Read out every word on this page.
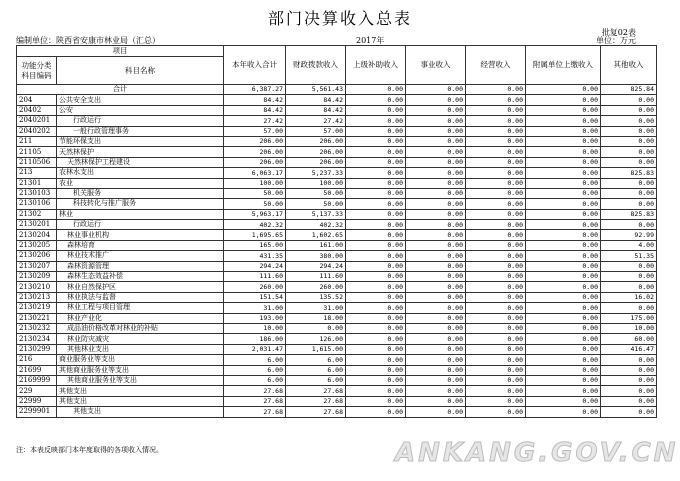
部门决算收入总表
批复02表
编制单位：陕西省安康市林业局（汇总）	2017年	单位：万元
项目		本年收入合计	财政拨款收入	上级补助收入	事业收入	经营收入	附属单位上缴收入	其他收入
功能分类
科目编码	科目名称							
合计		6,387.27	5,561.43	0.00	0.00	0.00	0.00	825.84
204	公共安全支出	84.42	84.42	0.00	0.00	0.00	0.00	0.00
20402	公安	84.42	84.42	0.00	0.00	0.00	0.00	0.00
2040201	行政运行	27.42	27.42	0.00	0.00	0.00	0.00	0.00
2040202	一般行政管理事务	57.00	57.00	0.00	0.00	0.00	0.00	0.00
211	节能环保支出	206.00	206.00	0.00	0.00	0.00	0.00	0.00
21105	天然林保护	206.00	206.00	0.00	0.00	0.00	0.00	0.00
2110506	天然林保护工程建设	206.00	206.00	0.00	0.00	0.00	0.00	0.00
213	农林水支出	6,063.17	5,237.33	0.00	0.00	0.00	0.00	825.83
21301	农业	100.00	100.00	0.00	0.00	0.00	0.00	0.00
2130103	机关服务	50.00	50.00	0.00	0.00	0.00	0.00	0.00
2130106	科技转化与推广服务	50.00	50.00	0.00	0.00	0.00	0.00	0.00
21302	林业	5,963.17	5,137.33	0.00	0.00	0.00	0.00	825.83
2130201	行政运行	402.32	402.32	0.00	0.00	0.00	0.00	0.00
2130204	林业事业机构	1,695.65	1,602.65	0.00	0.00	0.00	0.00	92.99
2130205	森林培育	165.00	161.00	0.00	0.00	0.00	0.00	4.00
2130206	林业技术推广	431.35	380.00	0.00	0.00	0.00	0.00	51.35
2130207	森林资源管理	294.24	294.24	0.00	0.00	0.00	0.00	0.00
2130209	森林生态效益补偿	111.60	111.60	0.00	0.00	0.00	0.00	0.00
2130210	林业自然保护区	260.00	260.00	0.00	0.00	0.00	0.00	0.00
2130213	林业执法与监督	151.54	135.52	0.00	0.00	0.00	0.00	16.02
2130219	林业工程与项目管理	31.00	31.00	0.00	0.00	0.00	0.00	0.00
2130221	林业产业化	193.00	18.00	0.00	0.00	0.00	0.00	175.00
2130232	成品油价格改革对林业的补贴	10.00	0.00	0.00	0.00	0.00	0.00	10.00
2130234	林业防灾减灾	186.00	126.00	0.00	0.00	0.00	0.00	60.00
2130299	其他林业支出	2,031.47	1,615.00	0.00	0.00	0.00	0.00	416.47
216	商业服务业等支出	6.00	6.00	0.00	0.00	0.00	0.00	0.00
21699	其他商业服务业等支出	6.00	6.00	0.00	0.00	0.00	0.00	0.00
2169999	其他商业服务业等支出	6.00	6.00	0.00	0.00	0.00	0.00	0.00
229	其他支出	27.68	27.68	0.00	0.00	0.00	0.00	0.00
22999	其他支出	27.68	27.68	0.00	0.00	0.00	0.00	0.00
2299901	其他支出	27.68	27.68	0.00	0.00	0.00	0.00	0.00
注：本表反映部门本年度取得的各项收入情况。	ANKANG.GOV.CN
